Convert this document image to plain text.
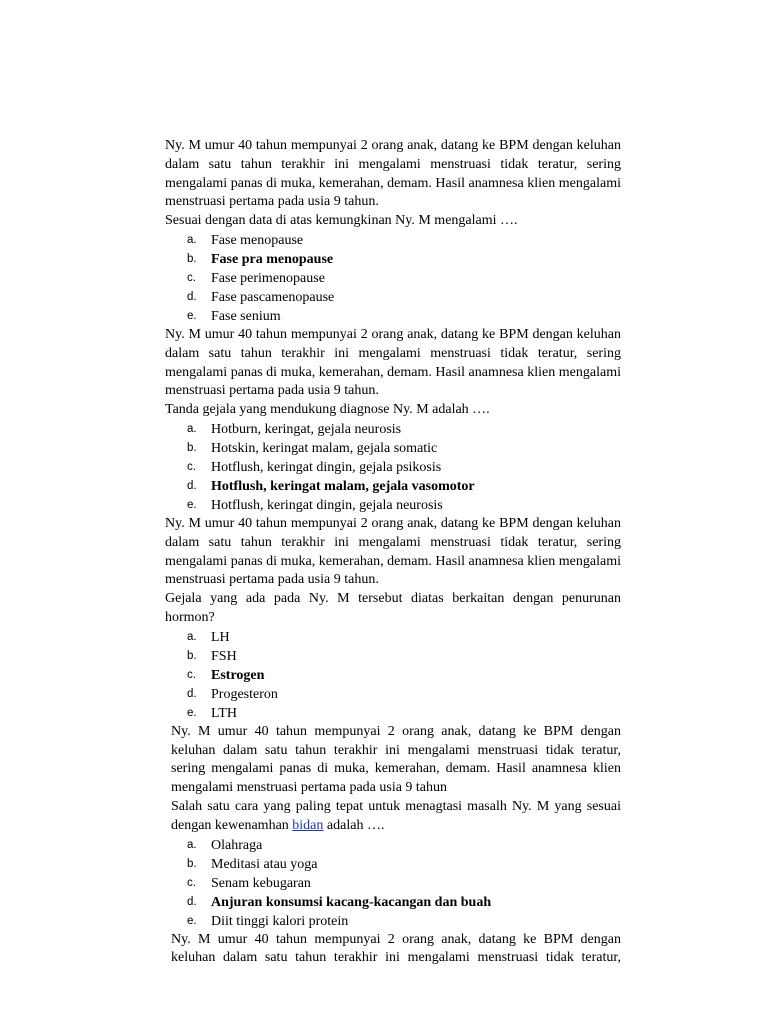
Ny. M umur 40 tahun mempunyai 2 orang anak, datang ke BPM dengan keluhan dalam satu tahun terakhir ini mengalami menstruasi tidak teratur, sering mengalami panas di muka, kemerahan, demam. Hasil anamnesa klien mengalami menstruasi pertama pada usia 9 tahun.

Sesuai dengan data di atas kemungkinan Ny. M mengalami ….

a. Fase menopause
b. Fase pra menopause
c. Fase perimenopause
d. Fase pascamenopause
e. Fase senium

Ny. M umur 40 tahun mempunyai 2 orang anak, datang ke BPM dengan keluhan dalam satu tahun terakhir ini mengalami menstruasi tidak teratur, sering mengalami panas di muka, kemerahan, demam. Hasil anamnesa klien mengalami menstruasi pertama pada usia 9 tahun.

Tanda gejala yang mendukung diagnose Ny. M adalah ….

a. Hotburn, keringat, gejala neurosis
b. Hotskin, keringat malam, gejala somatic
c. Hotflush, keringat dingin, gejala psikosis
d. Hotflush, keringat malam, gejala vasomotor
e. Hotflush, keringat dingin, gejala neurosis

Ny. M umur 40 tahun mempunyai 2 orang anak, datang ke BPM dengan keluhan dalam satu tahun terakhir ini mengalami menstruasi tidak teratur, sering mengalami panas di muka, kemerahan, demam. Hasil anamnesa klien mengalami menstruasi pertama pada usia 9 tahun.

Gejala yang ada pada Ny. M tersebut diatas berkaitan dengan penurunan hormon?

a. LH
b. FSH
c. Estrogen
d. Progesteron
e. LTH

Ny. M umur 40 tahun mempunyai 2 orang anak, datang ke BPM dengan keluhan dalam satu tahun terakhir ini mengalami menstruasi tidak teratur, sering mengalami panas di muka, kemerahan, demam. Hasil anamnesa klien mengalami menstruasi pertama pada usia 9 tahun

Salah satu cara yang paling tepat untuk menagtasi masalh Ny. M yang sesuai dengan kewenamhan bidan adalah ….

a. Olahraga
b. Meditasi atau yoga
c. Senam kebugaran
d. Anjuran konsumsi kacang-kacangan dan buah
e. Diit tinggi kalori protein

Ny. M umur 40 tahun mempunyai 2 orang anak, datang ke BPM dengan keluhan dalam satu tahun terakhir ini mengalami menstruasi tidak teratur,
